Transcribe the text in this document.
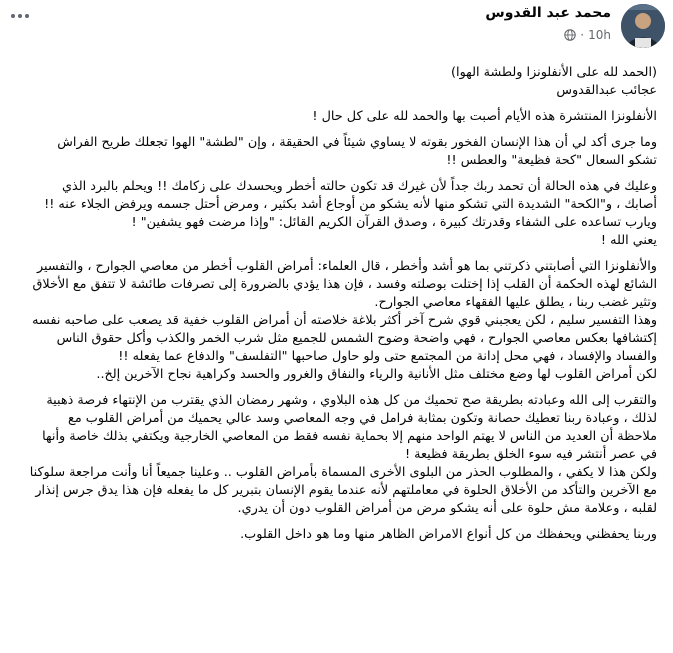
محمد عبد القدوس
10h
·

(الحمد لله على الأنفلونزا ولطشة الهوا)

عجائب عبدالقدوس

الأنفلونزا المنتشرة هذه الأيام أصبت بها والحمد لله على كل حال !

وما جرى أكد لي أن هذا الإنسان الفخور بقوته لا يساوي شيئاً في الحقيقة ، وإن "لطشة" الهوا تجعلك طريح الفراش تشكو السعال "كحة فظيعة" والعطس !!

وعليك في هذه الحالة أن تحمد ربك جداً لأن غيرك قد تكون حالته أخطر ويحسدك على زكامك !! ويحلم بالبرد الذي أصابك ، و"الكحة" الشديدة التي تشكو منها لأنه يشكو من أوجاع أشد بكثير ، ومرض أحتل جسمه ويرفض الجلاء عنه !!

ويارب تساعده على الشفاء وقدرتك كبيرة ، وصدق القرآن الكريم القائل: "وإذا مرضت فهو يشفين" !

يعني الله !

والأنفلونزا التي أصابتني ذكرتني بما هو أشد وأخطر ، قال العلماء: أمراض القلوب أخطر من معاصي الجوارح ، والتفسير الشائع لهذه الحكمة أن القلب إذا إختلت بوصلته وفسد ، فإن هذا يؤدي بالضرورة إلى تصرفات طائشة لا تتفق مع الأخلاق وتثير غضب ربنا ، يطلق عليها الفقهاء معاصي الجوارح.

وهذا التفسير سليم ، لكن يعجبني قوي شرح آخر أكثر بلاغة خلاصته أن أمراض القلوب خفية قد يصعب على صاحبه نفسه إكتشافها بعكس معاصي الجوارح ، فهي واضحة وضوح الشمس للجميع مثل شرب الخمر والكذب وأكل حقوق الناس والفساد والإفساد ، فهي محل إدانة من المجتمع حتى ولو حاول صاحبها "التفلسف" والدفاع عما يفعله !!

لكن أمراض القلوب لها وضع مختلف مثل الأنانية والرياء والنفاق والغرور والحسد وكراهية نجاح الآخرين إلخ..

والتقرب إلى الله وعبادته بطريقة صح تحميك من كل هذه البلاوي ، وشهر رمضان الذي يقترب من الإنتهاء فرصة ذهبية لذلك ، وعبادة ربنا تعطيك حصانة وتكون بمثابة فرامل في وجه المعاصي وسد عالي يحميك من أمراض القلوب مع ملاحظة أن العديد من الناس لا يهتم الواحد منهم إلا بحماية نفسه فقط من المعاصي الخارجية ويكتفي بذلك خاصة وأنها في عصر أنتشر فيه سوء الخلق بطريقة فظيعة !

ولكن هذا لا يكفي ، والمطلوب الحذر من البلوى الأخرى المسماة بأمراض القلوب .. وعلينا جميعاً أنا وأنت مراجعة سلوكنا مع الآخرين والتأكد من الأخلاق الحلوة في معاملتهم لأنه عندما يقوم الإنسان بتبرير كل ما يفعله فإن هذا يدق جرس إنذار لقلبه ، وعلامة مش حلوة على أنه يشكو مرض من أمراض القلوب دون أن يدري.

وربنا يحفظني ويحفظك من كل أنواع الامراض الظاهر منها وما هو داخل القلوب.
